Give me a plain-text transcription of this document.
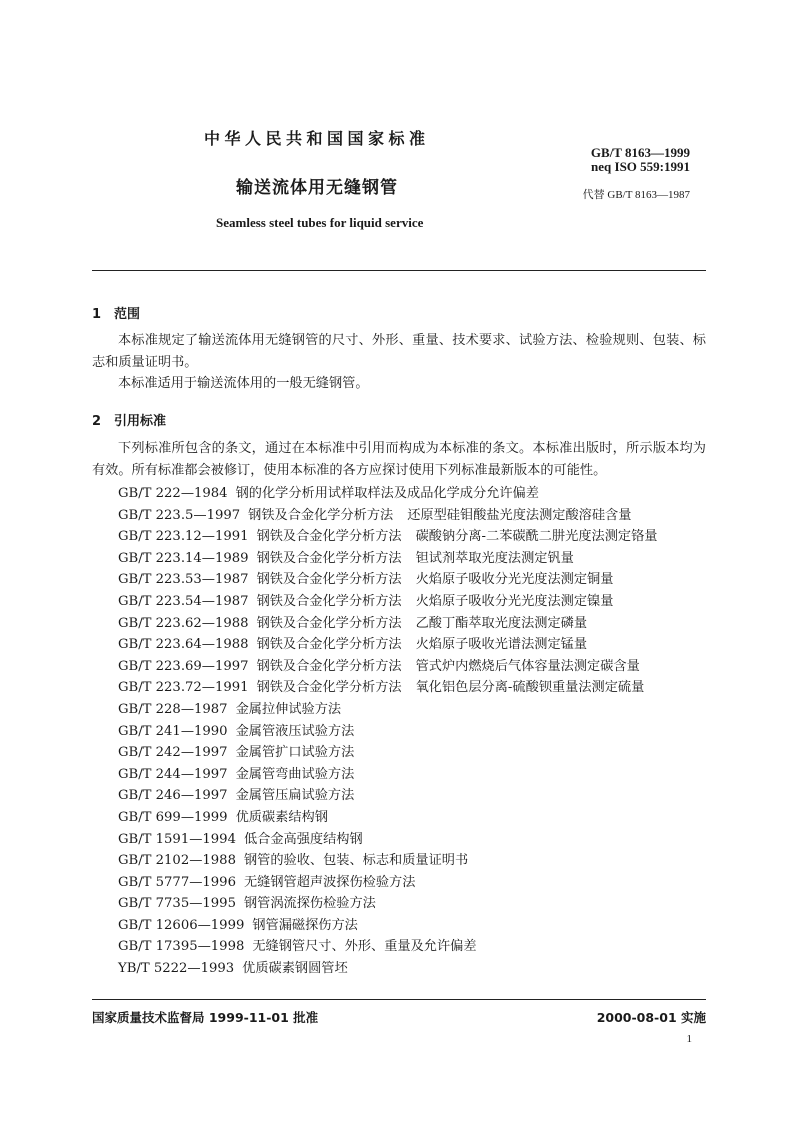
中华人民共和国国家标准
输送流体用无缝钢管
Seamless steel tubes for liquid service
GB/T 8163—1999
neq ISO 559:1991
代替 GB/T 8163—1987
1 范围
本标准规定了输送流体用无缝钢管的尺寸、外形、重量、技术要求、试验方法、检验规则、包装、标志和质量证明书。
本标准适用于输送流体用的一般无缝钢管。
2 引用标准
下列标准所包含的条文，通过在本标准中引用而构成为本标准的条文。本标准出版时，所示版本均为有效。所有标准都会被修订，使用本标准的各方应探讨使用下列标准最新版本的可能性。
GB/T 222—1984 钢的化学分析用试样取样法及成品化学成分允许偏差
GB/T 223.5—1997 钢铁及合金化学分析方法 还原型硅钼酸盐光度法测定酸溶硅含量
GB/T 223.12—1991 钢铁及合金化学分析方法 碳酸钠分离-二苯碳酰二肼光度法测定铬量
GB/T 223.14—1989 钢铁及合金化学分析方法 钽试剂萃取光度法测定钒量
GB/T 223.53—1987 钢铁及合金化学分析方法 火焰原子吸收分光光度法测定铜量
GB/T 223.54—1987 钢铁及合金化学分析方法 火焰原子吸收分光光度法测定镍量
GB/T 223.62—1988 钢铁及合金化学分析方法 乙酸丁酯萃取光度法测定磷量
GB/T 223.64—1988 钢铁及合金化学分析方法 火焰原子吸收光谱法测定锰量
GB/T 223.69—1997 钢铁及合金化学分析方法 管式炉内燃烧后气体容量法测定碳含量
GB/T 223.72—1991 钢铁及合金化学分析方法 氧化铝色层分离-硫酸钡重量法测定硫量
GB/T 228—1987 金属拉伸试验方法
GB/T 241—1990 金属管液压试验方法
GB/T 242—1997 金属管扩口试验方法
GB/T 244—1997 金属管弯曲试验方法
GB/T 246—1997 金属管压扁试验方法
GB/T 699—1999 优质碳素结构钢
GB/T 1591—1994 低合金高强度结构钢
GB/T 2102—1988 钢管的验收、包装、标志和质量证明书
GB/T 5777—1996 无缝钢管超声波探伤检验方法
GB/T 7735—1995 钢管涡流探伤检验方法
GB/T 12606—1999 钢管漏磁探伤方法
GB/T 17395—1998 无缝钢管尺寸、外形、重量及允许偏差
YB/T 5222—1993 优质碳素钢圆管坯
国家质量技术监督局 1999-11-01 批准	2000-08-01 实施
1
